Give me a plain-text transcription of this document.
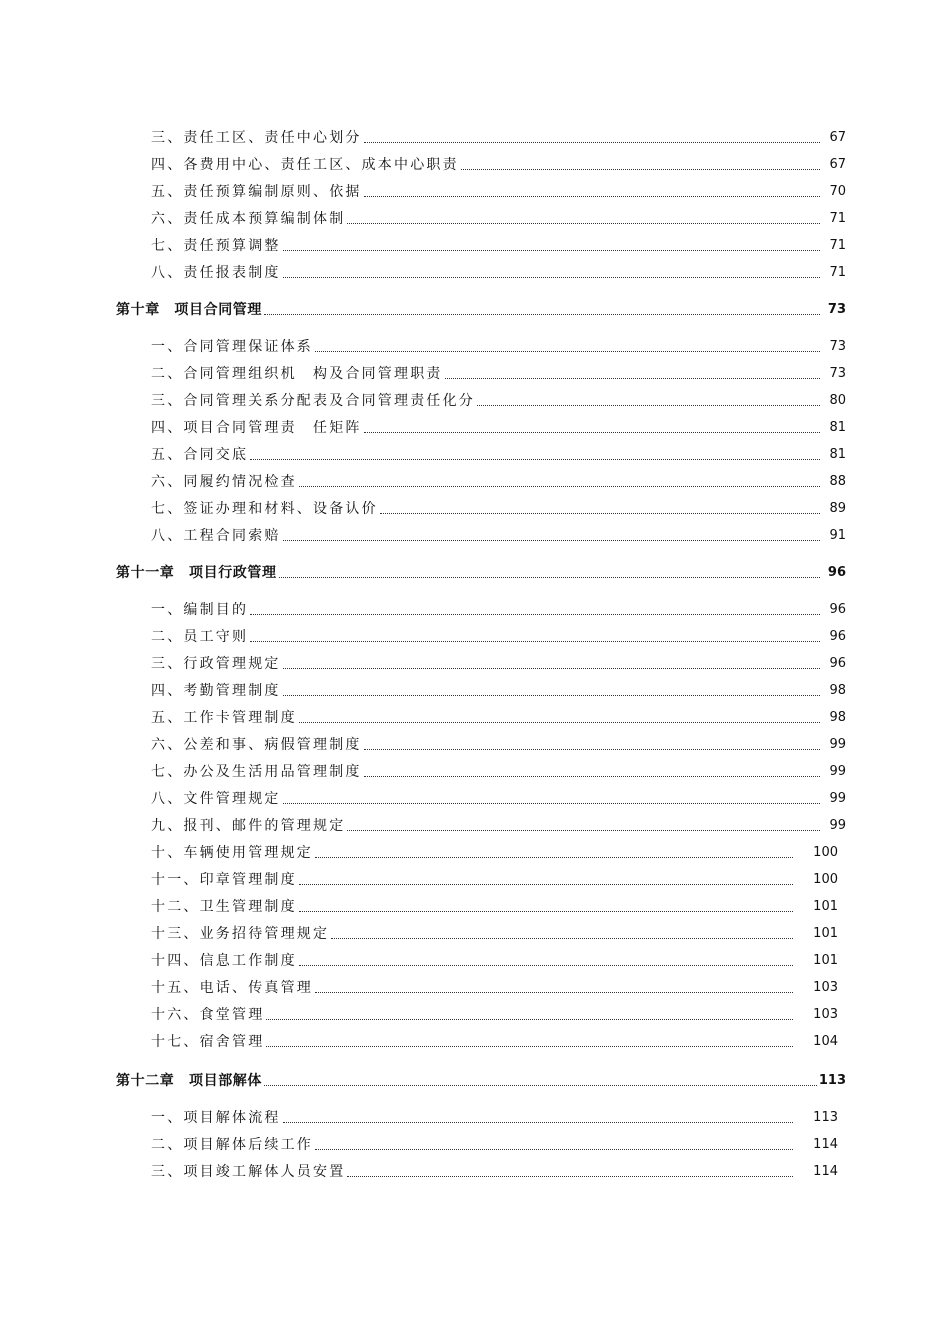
三、责任工区、责任中心划分	67
四、各费用中心、责任工区、成本中心职责	67
五、责任预算编制原则、依据	70
六、责任成本预算编制体制	71
七、责任预算调整	71
八、责任报表制度	71
第十章　项目合同管理	73
一、合同管理保证体系	73
二、合同管理组织机　构及合同管理职责	73
三、合同管理关系分配表及合同管理责任化分	80
四、项目合同管理责　任矩阵	81
五、合同交底	81
六、同履约情况检查	88
七、签证办理和材料、设备认价	89
八、工程合同索赔	91
第十一章　项目行政管理	96
一、编制目的	96
二、员工守则	96
三、行政管理规定	96
四、考勤管理制度	98
五、工作卡管理制度	98
六、公差和事、病假管理制度	99
七、办公及生活用品管理制度	99
八、文件管理规定	99
九、报刊、邮件的管理规定	99
十、车辆使用管理规定	100
十一、印章管理制度	100
十二、卫生管理制度	101
十三、业务招待管理规定	101
十四、信息工作制度	101
十五、电话、传真管理	103
十六、食堂管理	103
十七、宿舍管理	104
第十二章　项目部解体	113
一、项目解体流程	113
二、项目解体后续工作	114
三、项目竣工解体人员安置	114
